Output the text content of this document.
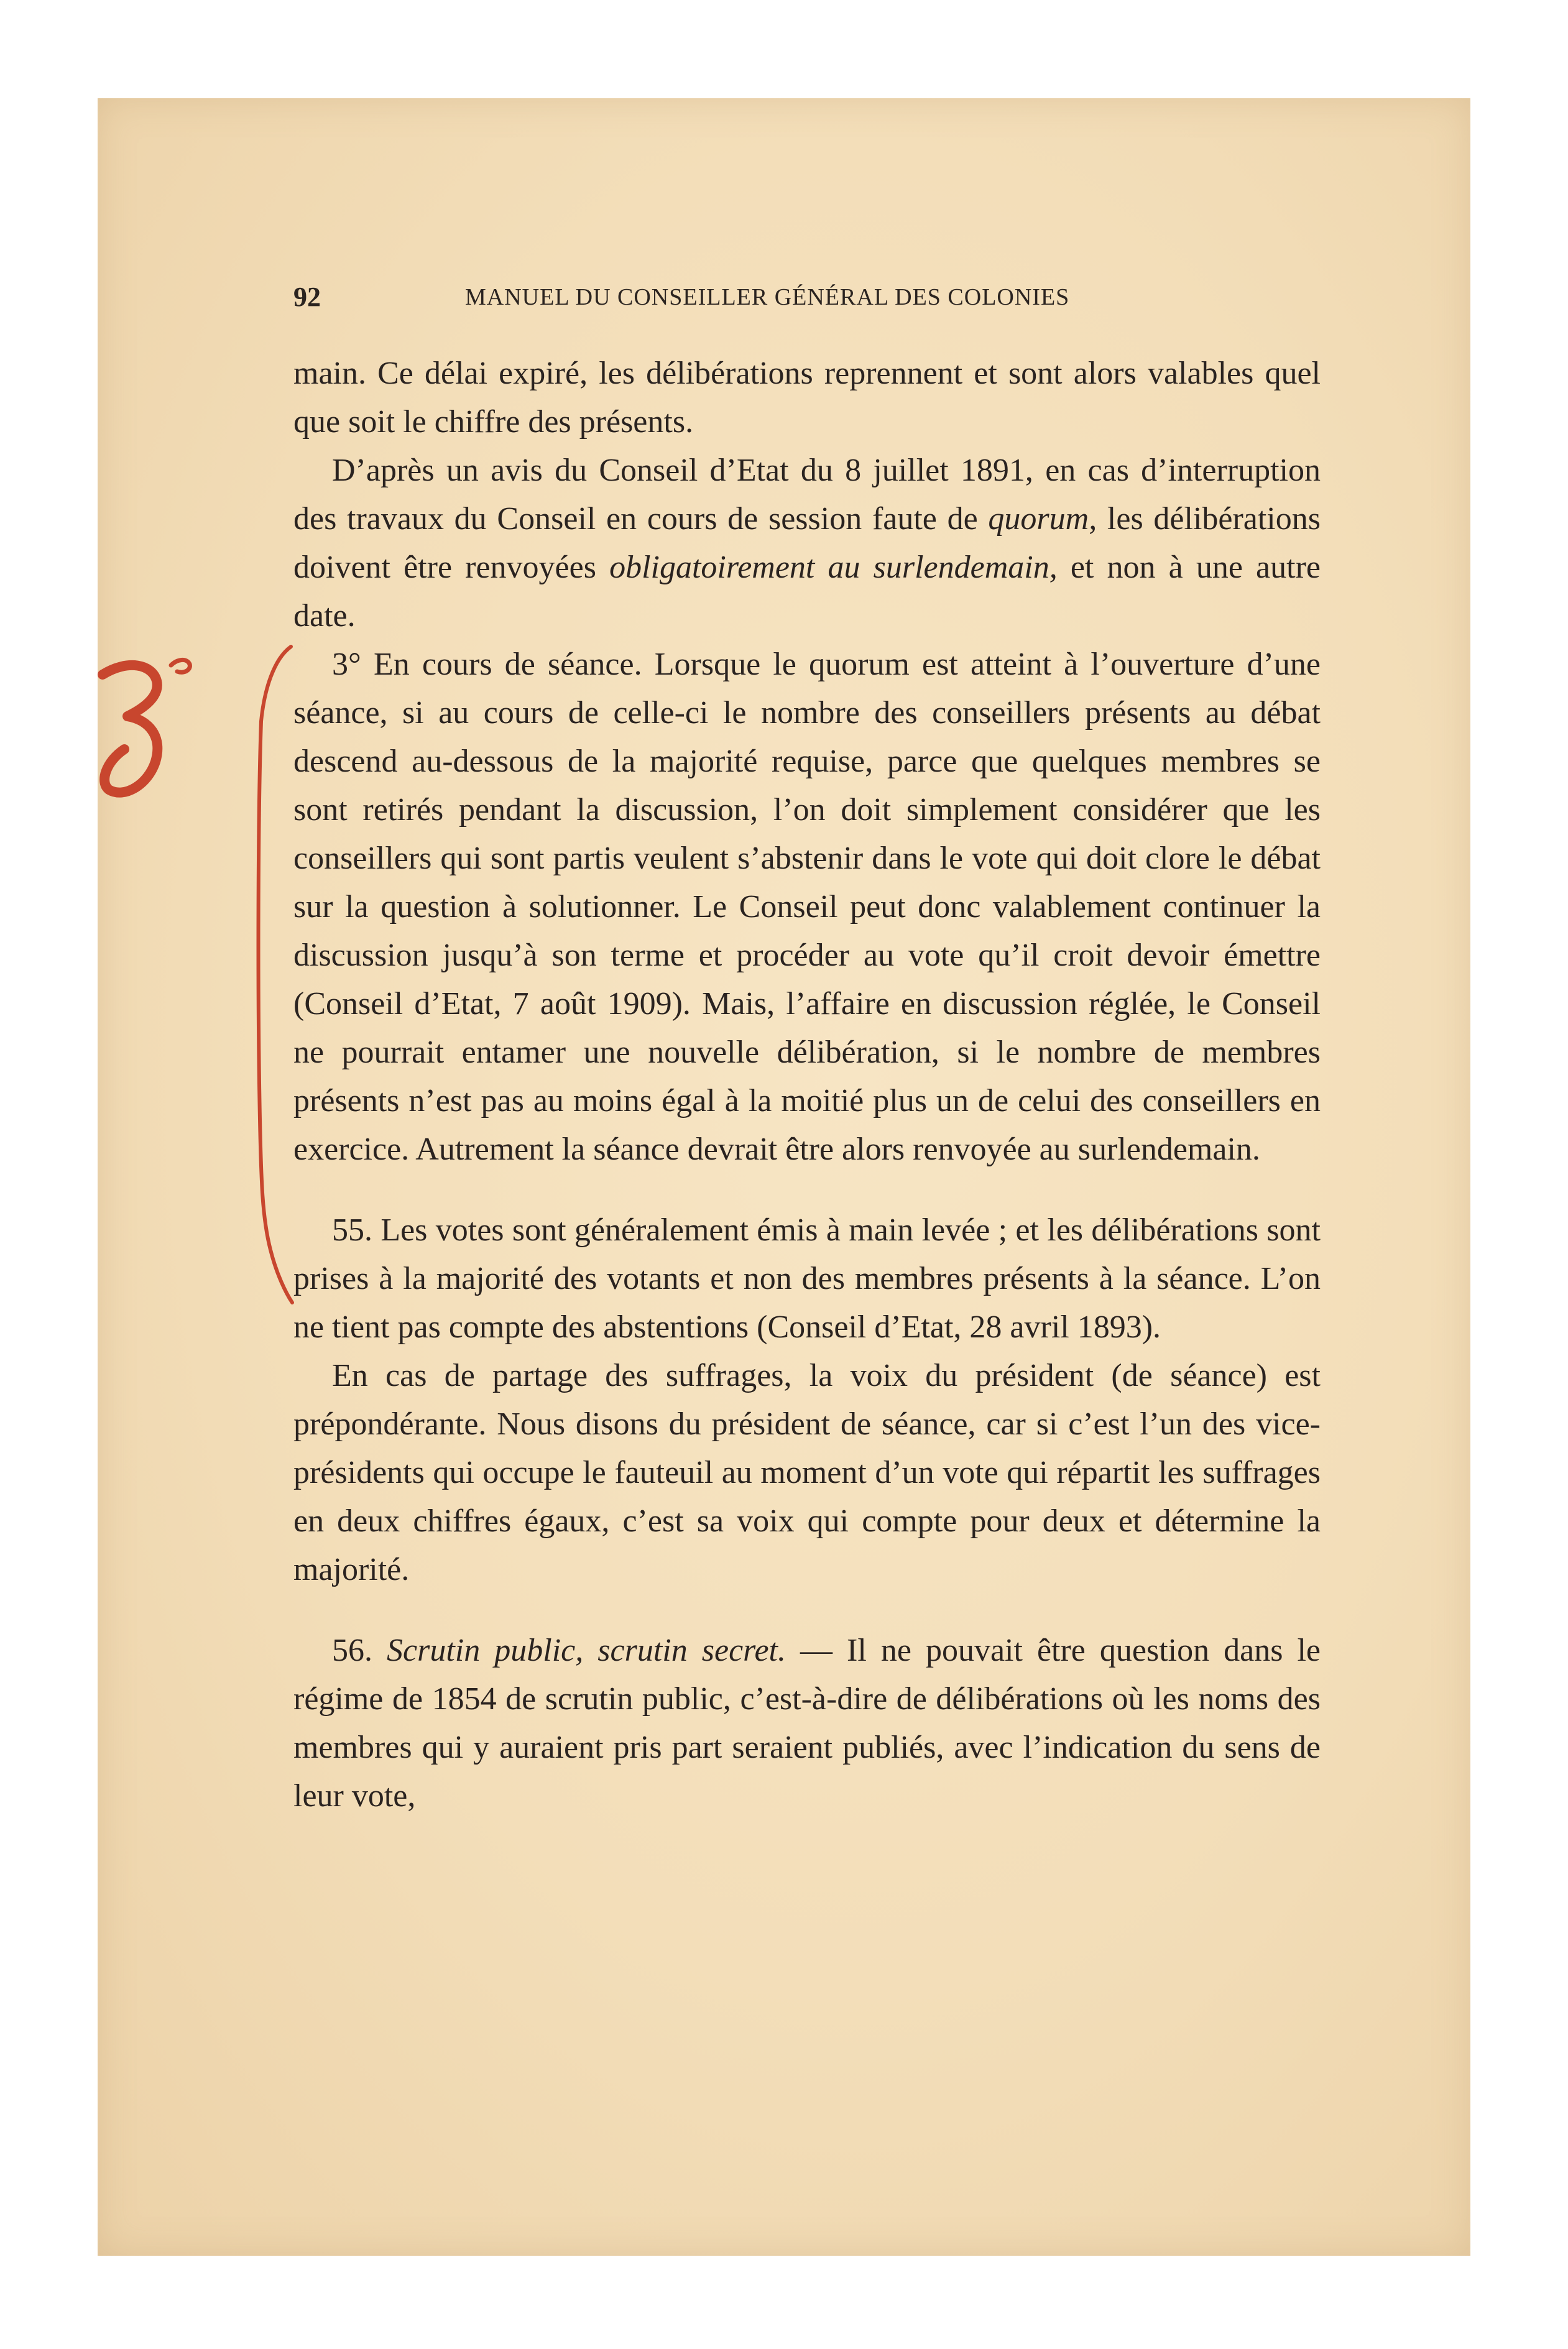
92	MANUEL DU CONSEILLER GÉNÉRAL DES COLONIES

main. Ce délai expiré, les délibérations reprennent et sont alors valables quel que soit le chiffre des présents.

D’après un avis du Conseil d’Etat du 8 juillet 1891, en cas d’interruption des travaux du Conseil en cours de session faute de quorum, les délibérations doivent être renvoyées obligatoirement au surlendemain, et non à une autre date.

3° En cours de séance. Lorsque le quorum est atteint à l’ouverture d’une séance, si au cours de celle-ci le nombre des conseillers présents au débat descend au-dessous de la majorité requise, parce que quelques membres se sont retirés pendant la discussion, l’on doit simplement considérer que les conseillers qui sont partis veulent s’abstenir dans le vote qui doit clore le débat sur la question à solutionner. Le Conseil peut donc valablement continuer la discussion jusqu’à son terme et procéder au vote qu’il croit devoir émettre (Conseil d’Etat, 7 août 1909). Mais, l’affaire en discussion réglée, le Conseil ne pourrait entamer une nouvelle délibération, si le nombre de membres présents n’est pas au moins égal à la moitié plus un de celui des conseillers en exercice. Autrement la séance devrait être alors renvoyée au surlendemain.

55. Les votes sont généralement émis à main levée ; et les délibérations sont prises à la majorité des votants et non des membres présents à la séance. L’on ne tient pas compte des abstentions (Conseil d’Etat, 28 avril 1893).

En cas de partage des suffrages, la voix du président (de séance) est prépondérante. Nous disons du président de séance, car si c’est l’un des vice-présidents qui occupe le fauteuil au moment d’un vote qui répartit les suffrages en deux chiffres égaux, c’est sa voix qui compte pour deux et détermine la majorité.

56. Scrutin public, scrutin secret. — Il ne pouvait être question dans le régime de 1854 de scrutin public, c’est-à-dire de délibérations où les noms des membres qui y auraient pris part seraient publiés, avec l’indication du sens de leur vote,
